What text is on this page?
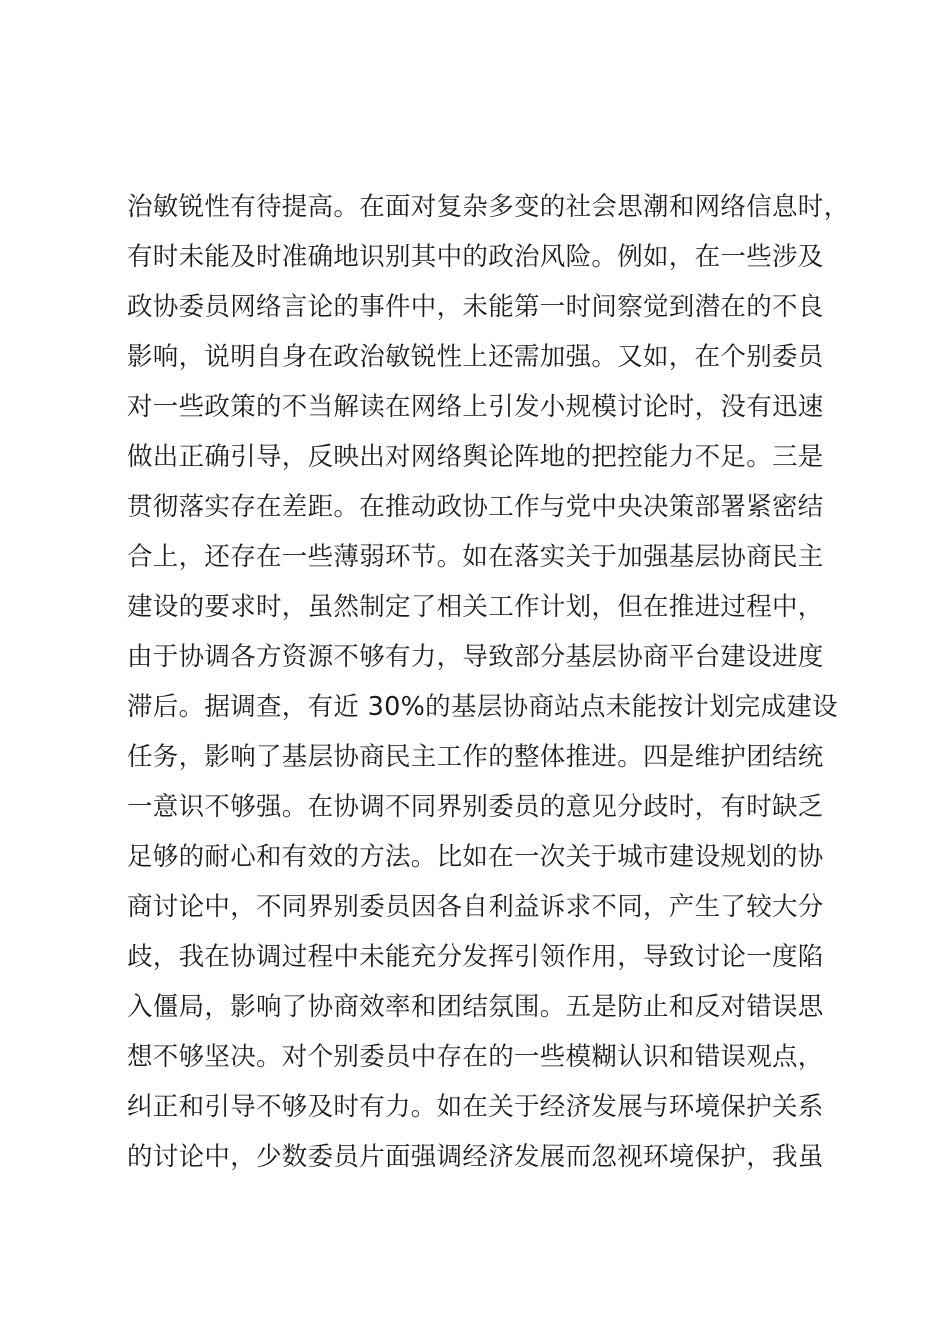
治敏锐性有待提高。在面对复杂多变的社会思潮和网络信息时，
有时未能及时准确地识别其中的政治风险。例如，在一些涉及
政协委员网络言论的事件中，未能第一时间察觉到潜在的不良
影响，说明自身在政治敏锐性上还需加强。又如，在个别委员
对一些政策的不当解读在网络上引发小规模讨论时，没有迅速
做出正确引导，反映出对网络舆论阵地的把控能力不足。三是
贯彻落实存在差距。在推动政协工作与党中央决策部署紧密结
合上，还存在一些薄弱环节。如在落实关于加强基层协商民主
建设的要求时，虽然制定了相关工作计划，但在推进过程中，
由于协调各方资源不够有力，导致部分基层协商平台建设进度
滞后。据调查，有近 30%的基层协商站点未能按计划完成建设
任务，影响了基层协商民主工作的整体推进。四是维护团结统
一意识不够强。在协调不同界别委员的意见分歧时，有时缺乏
足够的耐心和有效的方法。比如在一次关于城市建设规划的协
商讨论中，不同界别委员因各自利益诉求不同，产生了较大分
歧，我在协调过程中未能充分发挥引领作用，导致讨论一度陷
入僵局，影响了协商效率和团结氛围。五是防止和反对错误思
想不够坚决。对个别委员中存在的一些模糊认识和错误观点，
纠正和引导不够及时有力。如在关于经济发展与环境保护关系
的讨论中，少数委员片面强调经济发展而忽视环境保护，我虽
